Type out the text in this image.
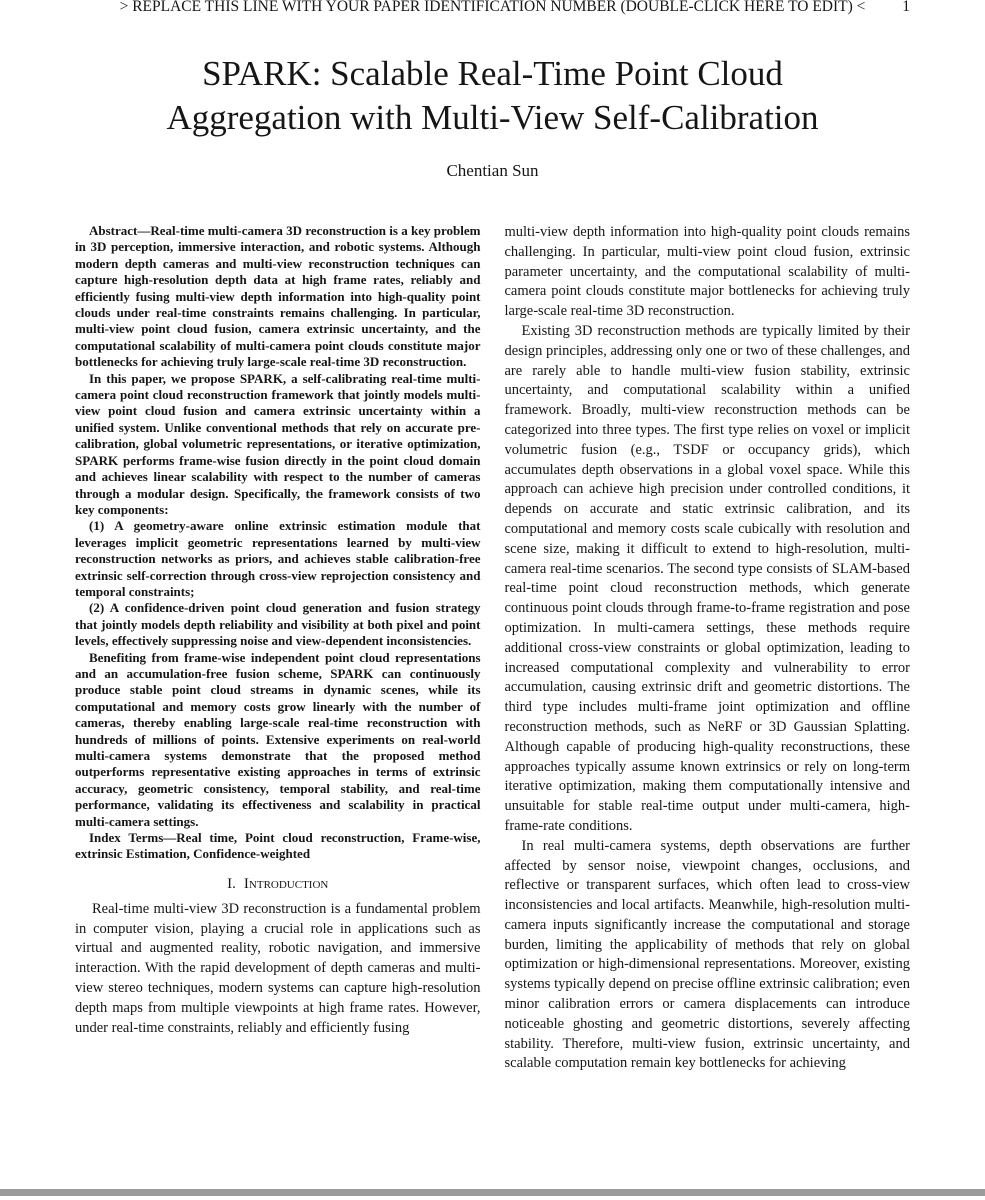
> REPLACE THIS LINE WITH YOUR PAPER IDENTIFICATION NUMBER (DOUBLE-CLICK HERE TO EDIT) < 1
SPARK: Scalable Real-Time Point Cloud
Aggregation with Multi-View Self-Calibration
Chentian Sun

Abstract—Real-time multi-camera 3D reconstruction is a key problem in 3D perception, immersive interaction, and robotic systems. Although modern depth cameras and multi-view reconstruction techniques can capture high-resolution depth data at high frame rates, reliably and efficiently fusing multi-view depth information into high-quality point clouds under real-time constraints remains challenging. In particular, multi-view point cloud fusion, camera extrinsic uncertainty, and the computational scalability of multi-camera point clouds constitute major bottlenecks for achieving truly large-scale real-time 3D reconstruction.

In this paper, we propose SPARK, a self-calibrating real-time multi-camera point cloud reconstruction framework that jointly models multi-view point cloud fusion and camera extrinsic uncertainty within a unified system. Unlike conventional methods that rely on accurate pre-calibration, global volumetric representations, or iterative optimization, SPARK performs frame-wise fusion directly in the point cloud domain and achieves linear scalability with respect to the number of cameras through a modular design. Specifically, the framework consists of two key components:

(1) A geometry-aware online extrinsic estimation module that leverages implicit geometric representations learned by multi-view reconstruction networks as priors, and achieves stable calibration-free extrinsic self-correction through cross-view reprojection consistency and temporal constraints;

(2) A confidence-driven point cloud generation and fusion strategy that jointly models depth reliability and visibility at both pixel and point levels, effectively suppressing noise and view-dependent inconsistencies.

Benefiting from frame-wise independent point cloud representations and an accumulation-free fusion scheme, SPARK can continuously produce stable point cloud streams in dynamic scenes, while its computational and memory costs grow linearly with the number of cameras, thereby enabling large-scale real-time reconstruction with hundreds of millions of points. Extensive experiments on real-world multi-camera systems demonstrate that the proposed method outperforms representative existing approaches in terms of extrinsic accuracy, geometric consistency, temporal stability, and real-time performance, validating its effectiveness and scalability in practical multi-camera settings.

Index Terms—Real time, Point cloud reconstruction, Frame-wise, extrinsic Estimation, Confidence-weighted

I. Introduction

Real-time multi-view 3D reconstruction is a fundamental problem in computer vision, playing a crucial role in applications such as virtual and augmented reality, robotic navigation, and immersive interaction. With the rapid development of depth cameras and multi-view stereo techniques, modern systems can capture high-resolution depth maps from multiple viewpoints at high frame rates. However, under real-time constraints, reliably and efficiently fusing

multi-view depth information into high-quality point clouds remains challenging. In particular, multi-view point cloud fusion, extrinsic parameter uncertainty, and the computational scalability of multi-camera point clouds constitute major bottlenecks for achieving truly large-scale real-time 3D reconstruction.

Existing 3D reconstruction methods are typically limited by their design principles, addressing only one or two of these challenges, and are rarely able to handle multi-view fusion stability, extrinsic uncertainty, and computational scalability within a unified framework. Broadly, multi-view reconstruction methods can be categorized into three types. The first type relies on voxel or implicit volumetric fusion (e.g., TSDF or occupancy grids), which accumulates depth observations in a global voxel space. While this approach can achieve high precision under controlled conditions, it depends on accurate and static extrinsic calibration, and its computational and memory costs scale cubically with resolution and scene size, making it difficult to extend to high-resolution, multi-camera real-time scenarios. The second type consists of SLAM-based real-time point cloud reconstruction methods, which generate continuous point clouds through frame-to-frame registration and pose optimization. In multi-camera settings, these methods require additional cross-view constraints or global optimization, leading to increased computational complexity and vulnerability to error accumulation, causing extrinsic drift and geometric distortions. The third type includes multi-frame joint optimization and offline reconstruction methods, such as NeRF or 3D Gaussian Splatting. Although capable of producing high-quality reconstructions, these approaches typically assume known extrinsics or rely on long-term iterative optimization, making them computationally intensive and unsuitable for stable real-time output under multi-camera, high-frame-rate conditions.

In real multi-camera systems, depth observations are further affected by sensor noise, viewpoint changes, occlusions, and reflective or transparent surfaces, which often lead to cross-view inconsistencies and local artifacts. Meanwhile, high-resolution multi-camera inputs significantly increase the computational and storage burden, limiting the applicability of methods that rely on global optimization or high-dimensional representations. Moreover, existing systems typically depend on precise offline extrinsic calibration; even minor calibration errors or camera displacements can introduce noticeable ghosting and geometric distortions, severely affecting stability. Therefore, multi-view fusion, extrinsic uncertainty, and scalable computation remain key bottlenecks for achieving
